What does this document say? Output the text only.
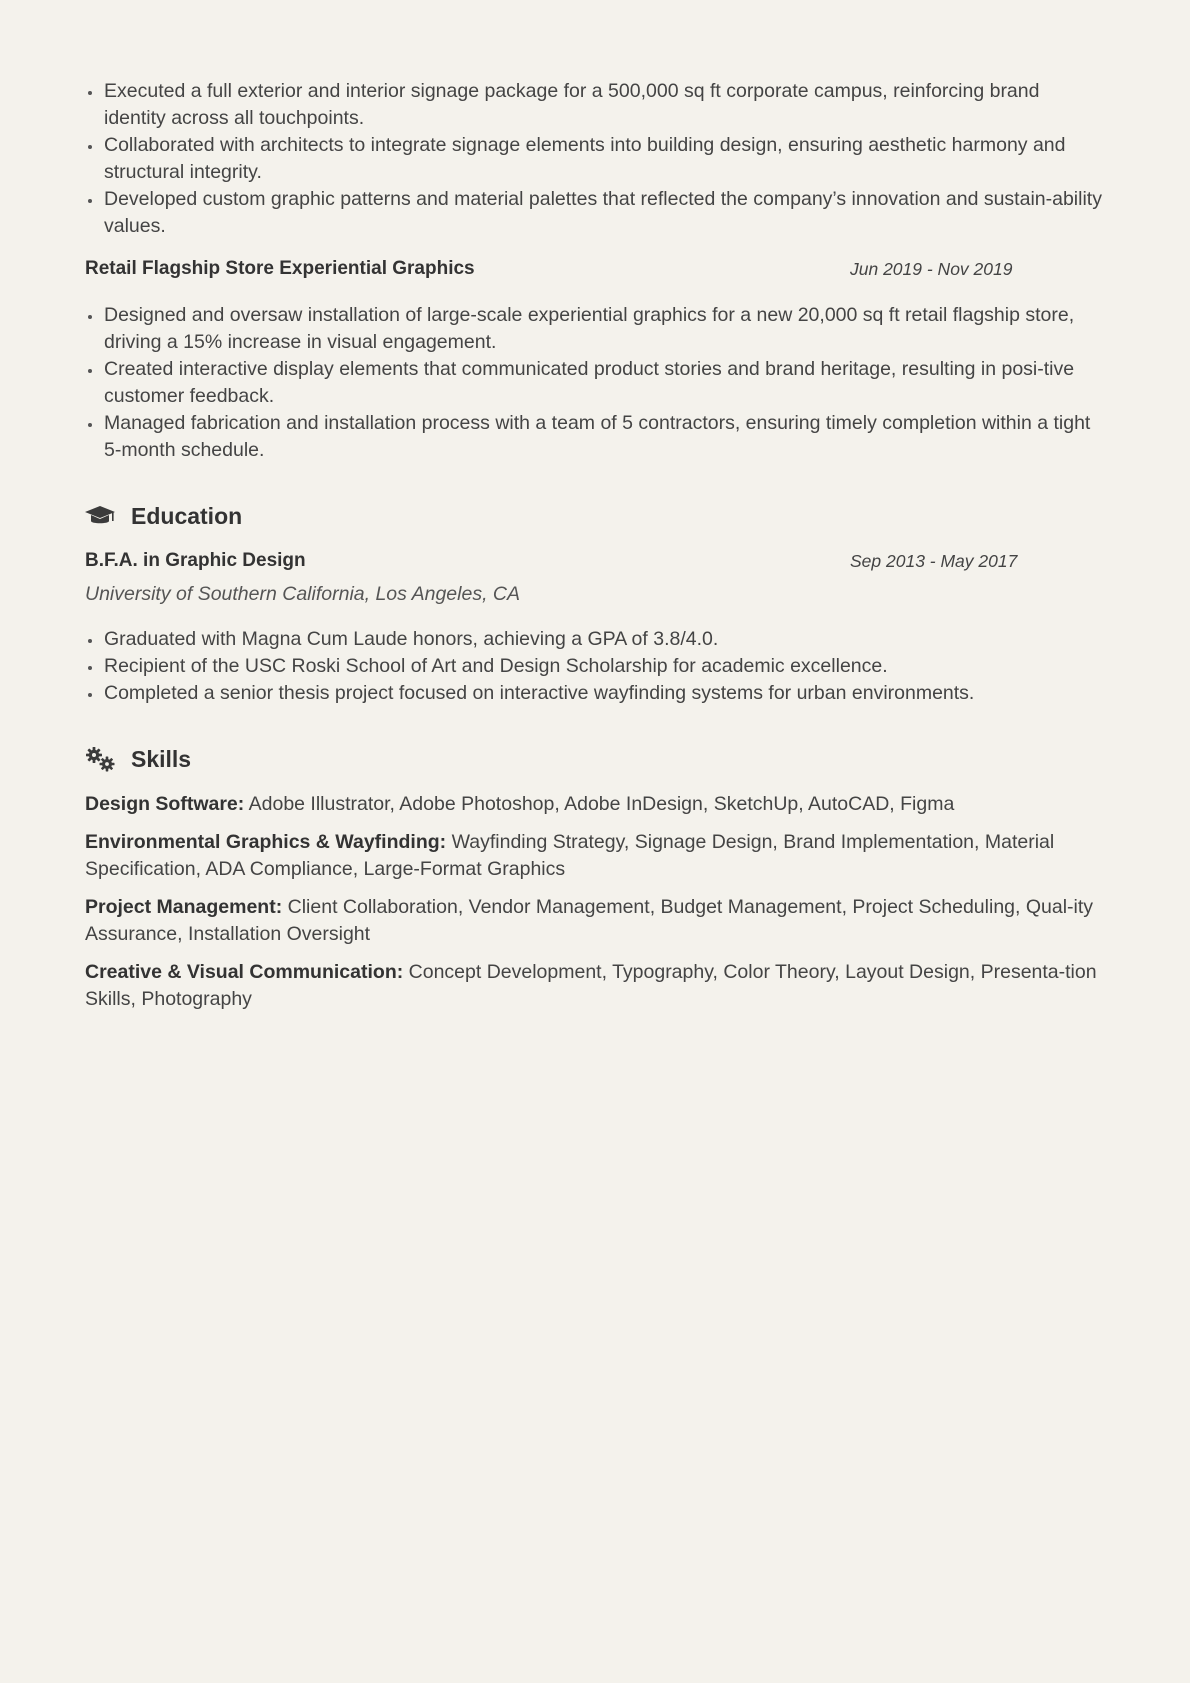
Executed a full exterior and interior signage package for a 500,000 sq ft corporate campus, reinforcing brand identity across all touchpoints.
Collaborated with architects to integrate signage elements into building design, ensuring aesthetic harmony and structural integrity.
Developed custom graphic patterns and material palettes that reflected the company’s innovation and sustain-ability values.
Retail Flagship Store Experiential Graphics	Jun 2019 - Nov 2019
Designed and oversaw installation of large-scale experiential graphics for a new 20,000 sq ft retail flagship store, driving a 15% increase in visual engagement.
Created interactive display elements that communicated product stories and brand heritage, resulting in posi-tive customer feedback.
Managed fabrication and installation process with a team of 5 contractors, ensuring timely completion within a tight 5-month schedule.
Education
B.F.A. in Graphic Design	Sep 2013 - May 2017
University of Southern California, Los Angeles, CA
Graduated with Magna Cum Laude honors, achieving a GPA of 3.8/4.0.
Recipient of the USC Roski School of Art and Design Scholarship for academic excellence.
Completed a senior thesis project focused on interactive wayfinding systems for urban environments.
Skills
Design Software: Adobe Illustrator, Adobe Photoshop, Adobe InDesign, SketchUp, AutoCAD, Figma
Environmental Graphics & Wayfinding: Wayfinding Strategy, Signage Design, Brand Implementation, Material Specification, ADA Compliance, Large-Format Graphics
Project Management: Client Collaboration, Vendor Management, Budget Management, Project Scheduling, Qual-ity Assurance, Installation Oversight
Creative & Visual Communication: Concept Development, Typography, Color Theory, Layout Design, Presenta-tion Skills, Photography
